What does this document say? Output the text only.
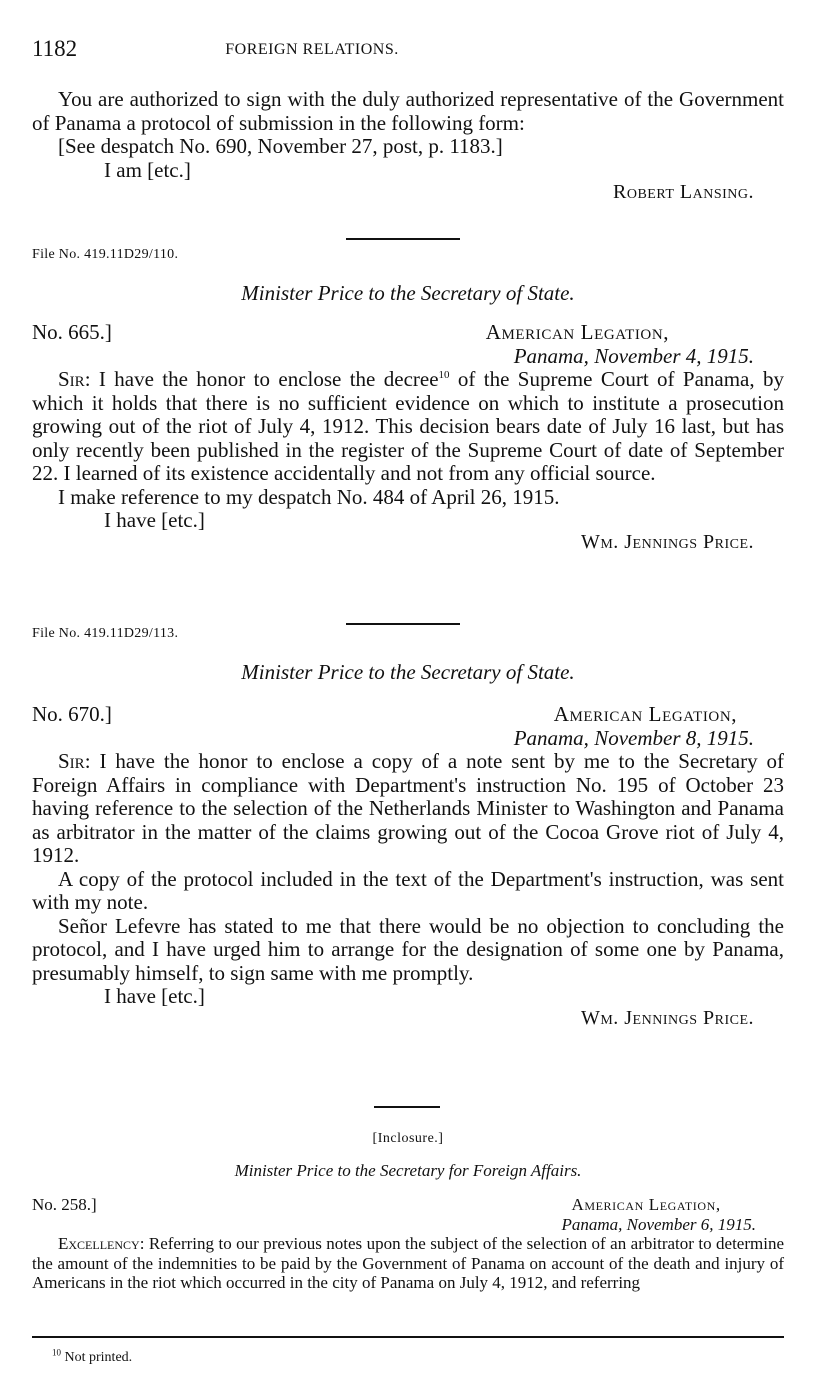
1182	FOREIGN RELATIONS.

You are authorized to sign with the duly authorized representative of the Government of Panama a protocol of submission in the following form:

[See despatch No. 690, November 27, post, p. 1183.]
I am [etc.]
Robert Lansing.
File No. 419.11D29/110.
Minister Price to the Secretary of State.
No. 665.]	American Legation,
Panama, November 4, 1915.

Sir: I have the honor to enclose the decree$^{10}$ of the Supreme Court of Panama, by which it holds that there is no sufficient evidence on which to institute a prosecution growing out of the riot of July 4, 1912. This decision bears date of July 16 last, but has only recently been published in the register of the Supreme Court of date of September 22. I learned of its existence accidentally and not from any official source.

I make reference to my despatch No. 484 of April 26, 1915.

I have [etc.]
Wm. Jennings Price.
File No. 419.11D29/113.
Minister Price to the Secretary of State.
No. 670.]	American Legation,
Panama, November 8, 1915.

Sir: I have the honor to enclose a copy of a note sent by me to the Secretary of Foreign Affairs in compliance with Department's instruction No. 195 of October 23 having reference to the selection of the Netherlands Minister to Washington and Panama as arbitrator in the matter of the claims growing out of the Cocoa Grove riot of July 4, 1912.

A copy of the protocol included in the text of the Department's instruction, was sent with my note.

Señor Lefevre has stated to me that there would be no objection to concluding the protocol, and I have urged him to arrange for the designation of some one by Panama, presumably himself, to sign same with me promptly.

I have [etc.]
Wm. Jennings Price.
[Inclosure.]
Minister Price to the Secretary for Foreign Affairs.
No. 258.]	American Legation,
Panama, November 6, 1915.

Excellency: Referring to our previous notes upon the subject of the selection of an arbitrator to determine the amount of the indemnities to be paid by the Government of Panama on account of the death and injury of Americans in the riot which occurred in the city of Panama on July 4, 1912, and referring

$^{10}$ Not printed.
